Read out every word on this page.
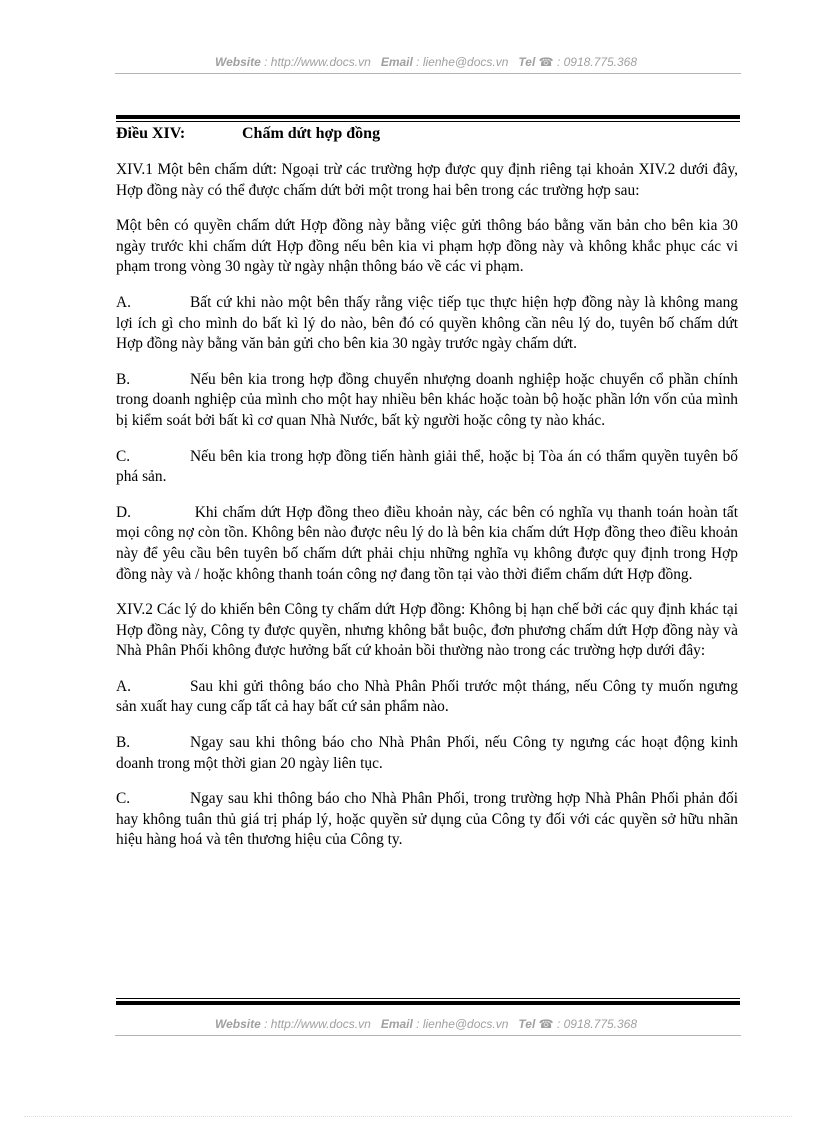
Website : http://www.docs.vn Email : lienhe@docs.vn Tel ☎ : 0918.775.368
Điều XIV:	Chấm dứt hợp đồng

XIV.1 Một bên chấm dứt: Ngoại trừ các trường hợp được quy định riêng tại khoản XIV.2 dưới đây, Hợp đồng này có thể được chấm dứt bởi một trong hai bên trong các trường hợp sau:

Một bên có quyền chấm dứt Hợp đồng này bằng việc gửi thông báo bằng văn bản cho bên kia 30 ngày trước khi chấm dứt Hợp đồng nếu bên kia vi phạm hợp đồng này và không khắc phục các vi phạm trong vòng 30 ngày từ ngày nhận thông báo về các vi phạm.

A.	Bất cứ khi nào một bên thấy rằng việc tiếp tục thực hiện hợp đồng này là không mang lợi ích gì cho mình do bất kì lý do nào, bên đó có quyền không cần nêu lý do, tuyên bố chấm dứt Hợp đồng này bằng văn bản gửi cho bên kia 30 ngày trước ngày chấm dứt.

B.	Nếu bên kia trong hợp đồng chuyển nhượng doanh nghiệp hoặc chuyển cổ phần chính trong doanh nghiệp của mình cho một hay nhiều bên khác hoặc toàn bộ hoặc phần lớn vốn của mình bị kiểm soát bởi bất kì cơ quan Nhà Nước, bất kỳ người hoặc công ty nào khác.

C.	Nếu bên kia trong hợp đồng tiến hành giải thể, hoặc bị Tòa án có thẩm quyền tuyên bố phá sản.

D.	Khi chấm dứt Hợp đồng theo điều khoản này, các bên có nghĩa vụ thanh toán hoàn tất mọi công nợ còn tồn. Không bên nào được nêu lý do là bên kia chấm dứt Hợp đồng theo điều khoản này để yêu cầu bên tuyên bố chấm dứt phải chịu những nghĩa vụ không được quy định trong Hợp đồng này và / hoặc không thanh toán công nợ đang tồn tại vào thời điểm chấm dứt Hợp đồng.

XIV.2 Các lý do khiến bên Công ty chấm dứt Hợp đồng: Không bị hạn chế bởi các quy định khác tại Hợp đồng này, Công ty được quyền, nhưng không bắt buộc, đơn phương chấm dứt Hợp đồng này và Nhà Phân Phối không được hưởng bất cứ khoản bồi thường nào trong các trường hợp dưới đây:

A.	Sau khi gửi thông báo cho Nhà Phân Phối trước một tháng, nếu Công ty muốn ngưng sản xuất hay cung cấp tất cả hay bất cứ sản phẩm nào.

B.	Ngay sau khi thông báo cho Nhà Phân Phối, nếu Công ty ngưng các hoạt động kinh doanh trong một thời gian 20 ngày liên tục.

C.	Ngay sau khi thông báo cho Nhà Phân Phối, trong trường hợp Nhà Phân Phối phản đối hay không tuân thủ giá trị pháp lý, hoặc quyền sử dụng của Công ty đối với các quyền sở hữu nhãn hiệu hàng hoá và tên thương hiệu của Công ty.

Website : http://www.docs.vn Email : lienhe@docs.vn Tel ☎ : 0918.775.368
